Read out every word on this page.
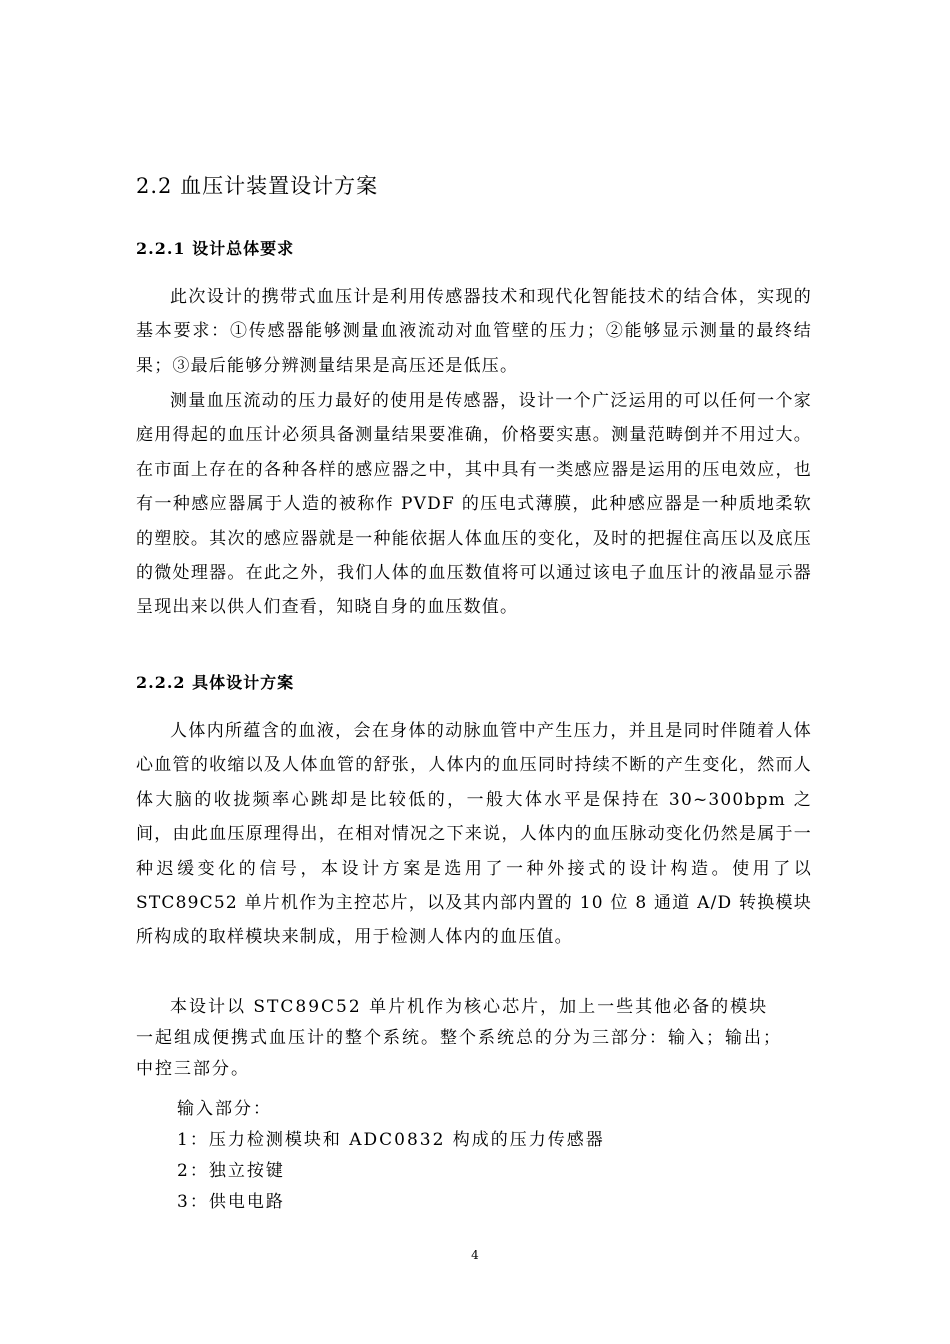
2.2 血压计装置设计方案
2.2.1 设计总体要求

此次设计的携带式血压计是利用传感器技术和现代化智能技术的结合体，实现的基本要求：①传感器能够测量血液流动对血管壁的压力；②能够显示测量的最终结果；③最后能够分辨测量结果是高压还是低压。

测量血压流动的压力最好的使用是传感器，设计一个广泛运用的可以任何一个家庭用得起的血压计必须具备测量结果要准确，价格要实惠。测量范畴倒并不用过大。在市面上存在的各种各样的感应器之中，其中具有一类感应器是运用的压电效应，也有一种感应器属于人造的被称作 PVDF 的压电式薄膜，此种感应器是一种质地柔软的塑胶。其次的感应器就是一种能依据人体血压的变化，及时的把握住高压以及底压的微处理器。在此之外，我们人体的血压数值将可以通过该电子血压计的液晶显示器呈现出来以供人们查看，知晓自身的血压数值。

2.2.2 具体设计方案

人体内所蕴含的血液，会在身体的动脉血管中产生压力，并且是同时伴随着人体心血管的收缩以及人体血管的舒张，人体内的血压同时持续不断的产生变化，然而人体大脑的收拢频率心跳却是比较低的，一般大体水平是保持在 30~300bpm 之间，由此血压原理得出，在相对情况之下来说，人体内的血压脉动变化仍然是属于一种迟缓变化的信号，本设计方案是选用了一种外接式的设计构造。使用了以 STC89C52 单片机作为主控芯片，以及其内部内置的 10 位 8 通道 A/D 转换模块所构成的取样模块来制成，用于检测人体内的血压值。

本设计以 STC89C52 单片机作为核心芯片，加上一些其他必备的模块一起组成便携式血压计的整个系统。整个系统总的分为三部分：输入；输出；中控三部分。

输入部分：
1：压力检测模块和 ADC0832 构成的压力传感器
2：独立按键
3：供电电路
4
